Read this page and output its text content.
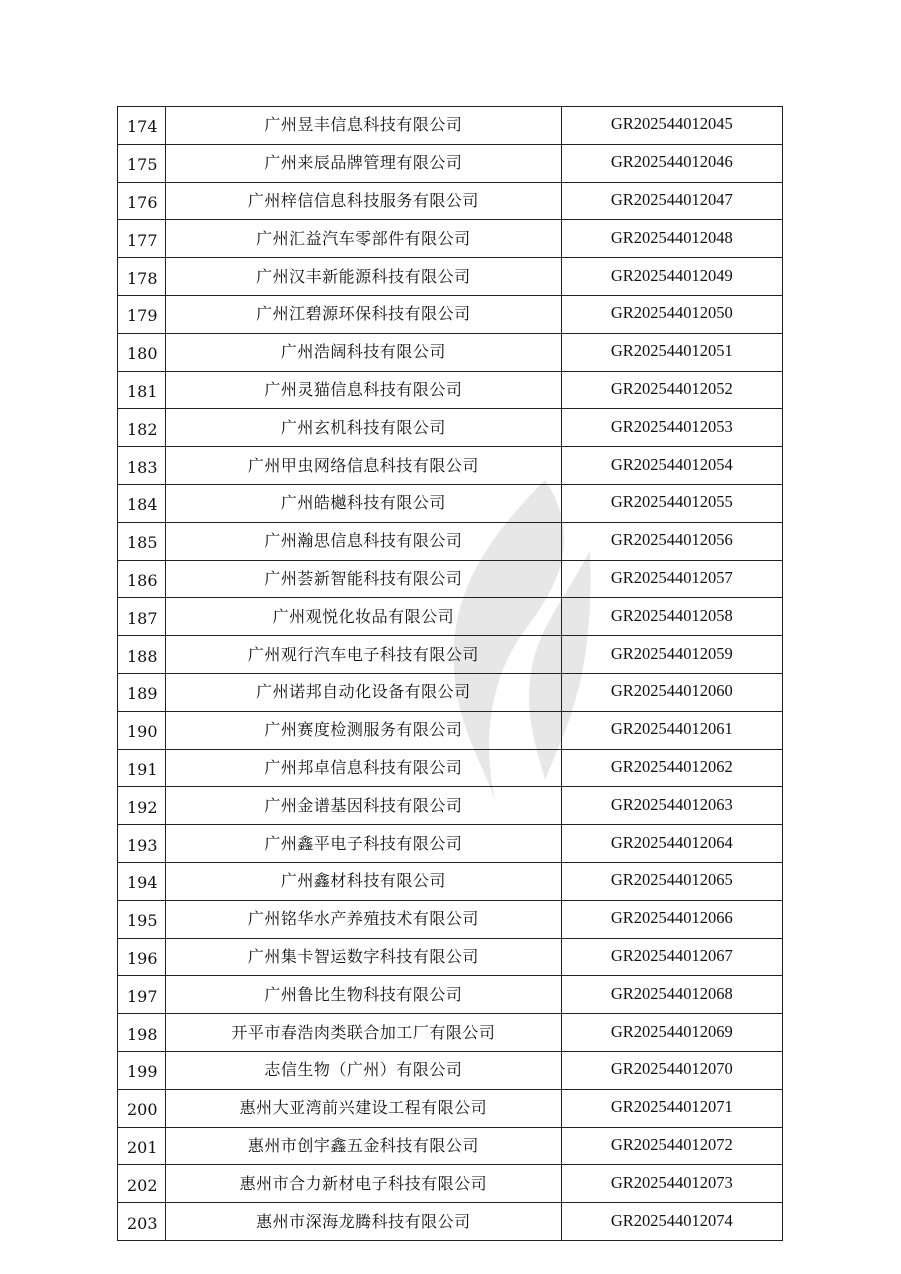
174	广州昱丰信息科技有限公司	GR202544012045
175	广州来辰品牌管理有限公司	GR202544012046
176	广州梓信信息科技服务有限公司	GR202544012047
177	广州汇益汽车零部件有限公司	GR202544012048
178	广州汉丰新能源科技有限公司	GR202544012049
179	广州江碧源环保科技有限公司	GR202544012050
180	广州浩阔科技有限公司	GR202544012051
181	广州灵猫信息科技有限公司	GR202544012052
182	广州玄机科技有限公司	GR202544012053
183	广州甲虫网络信息科技有限公司	GR202544012054
184	广州皓樾科技有限公司	GR202544012055
185	广州瀚思信息科技有限公司	GR202544012056
186	广州荟新智能科技有限公司	GR202544012057
187	广州观悦化妆品有限公司	GR202544012058
188	广州观行汽车电子科技有限公司	GR202544012059
189	广州诺邦自动化设备有限公司	GR202544012060
190	广州赛度检测服务有限公司	GR202544012061
191	广州邦卓信息科技有限公司	GR202544012062
192	广州金谱基因科技有限公司	GR202544012063
193	广州鑫平电子科技有限公司	GR202544012064
194	广州鑫材科技有限公司	GR202544012065
195	广州铭华水产养殖技术有限公司	GR202544012066
196	广州集卡智运数字科技有限公司	GR202544012067
197	广州鲁比生物科技有限公司	GR202544012068
198	开平市春浩肉类联合加工厂有限公司	GR202544012069
199	志信生物（广州）有限公司	GR202544012070
200	惠州大亚湾前兴建设工程有限公司	GR202544012071
201	惠州市创宇鑫五金科技有限公司	GR202544012072
202	惠州市合力新材电子科技有限公司	GR202544012073
203	惠州市深海龙腾科技有限公司	GR202544012074
